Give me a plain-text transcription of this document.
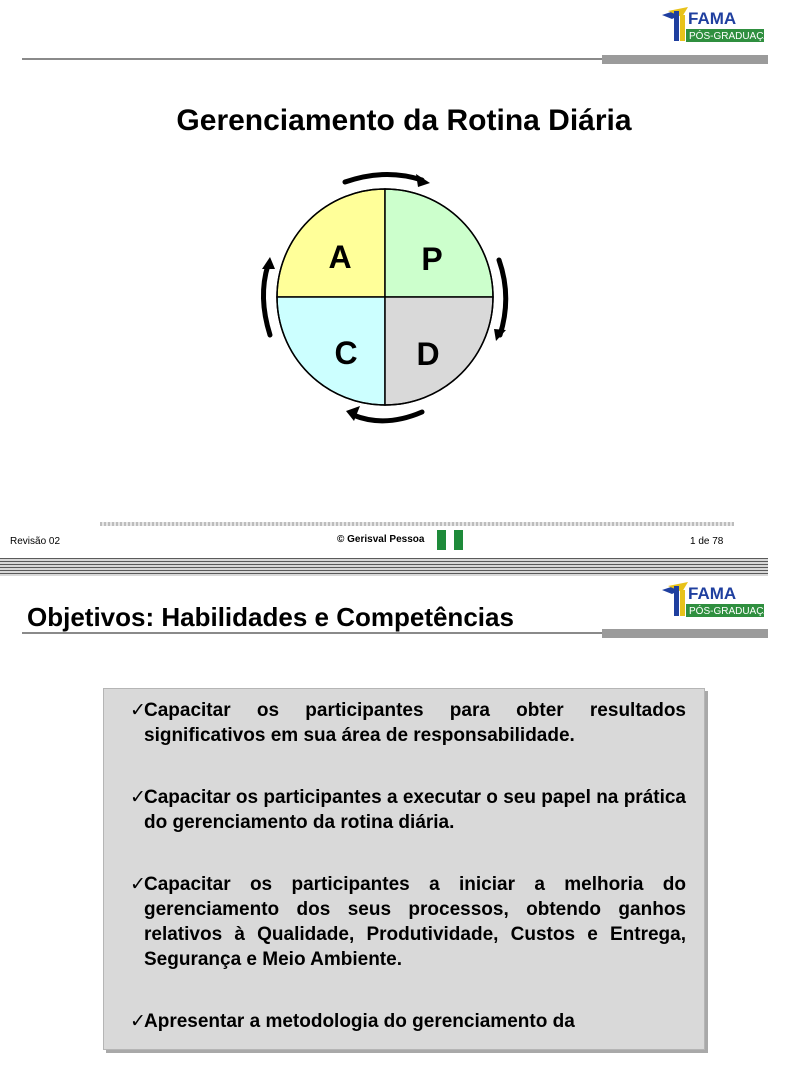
FAMA
PÓS-GRADUAÇÃO
Gerenciamento da Rotina Diária
A P
C D
Revisão 02	© Gerisval Pessoa	1 de 78
FAMA
PÓS-GRADUAÇÃO
Objetivos: Habilidades e Competências
✓
Capacitar os participantes para obter resultados significativos em sua área de responsabilidade.
✓
Capacitar os participantes a executar o seu papel na prática do gerenciamento da rotina diária.
✓
Capacitar os participantes a iniciar a melhoria do gerenciamento dos seus processos, obtendo ganhos relativos à Qualidade, Produtividade, Custos e Entrega, Segurança e Meio Ambiente.
✓
Apresentar a metodologia do gerenciamento da
